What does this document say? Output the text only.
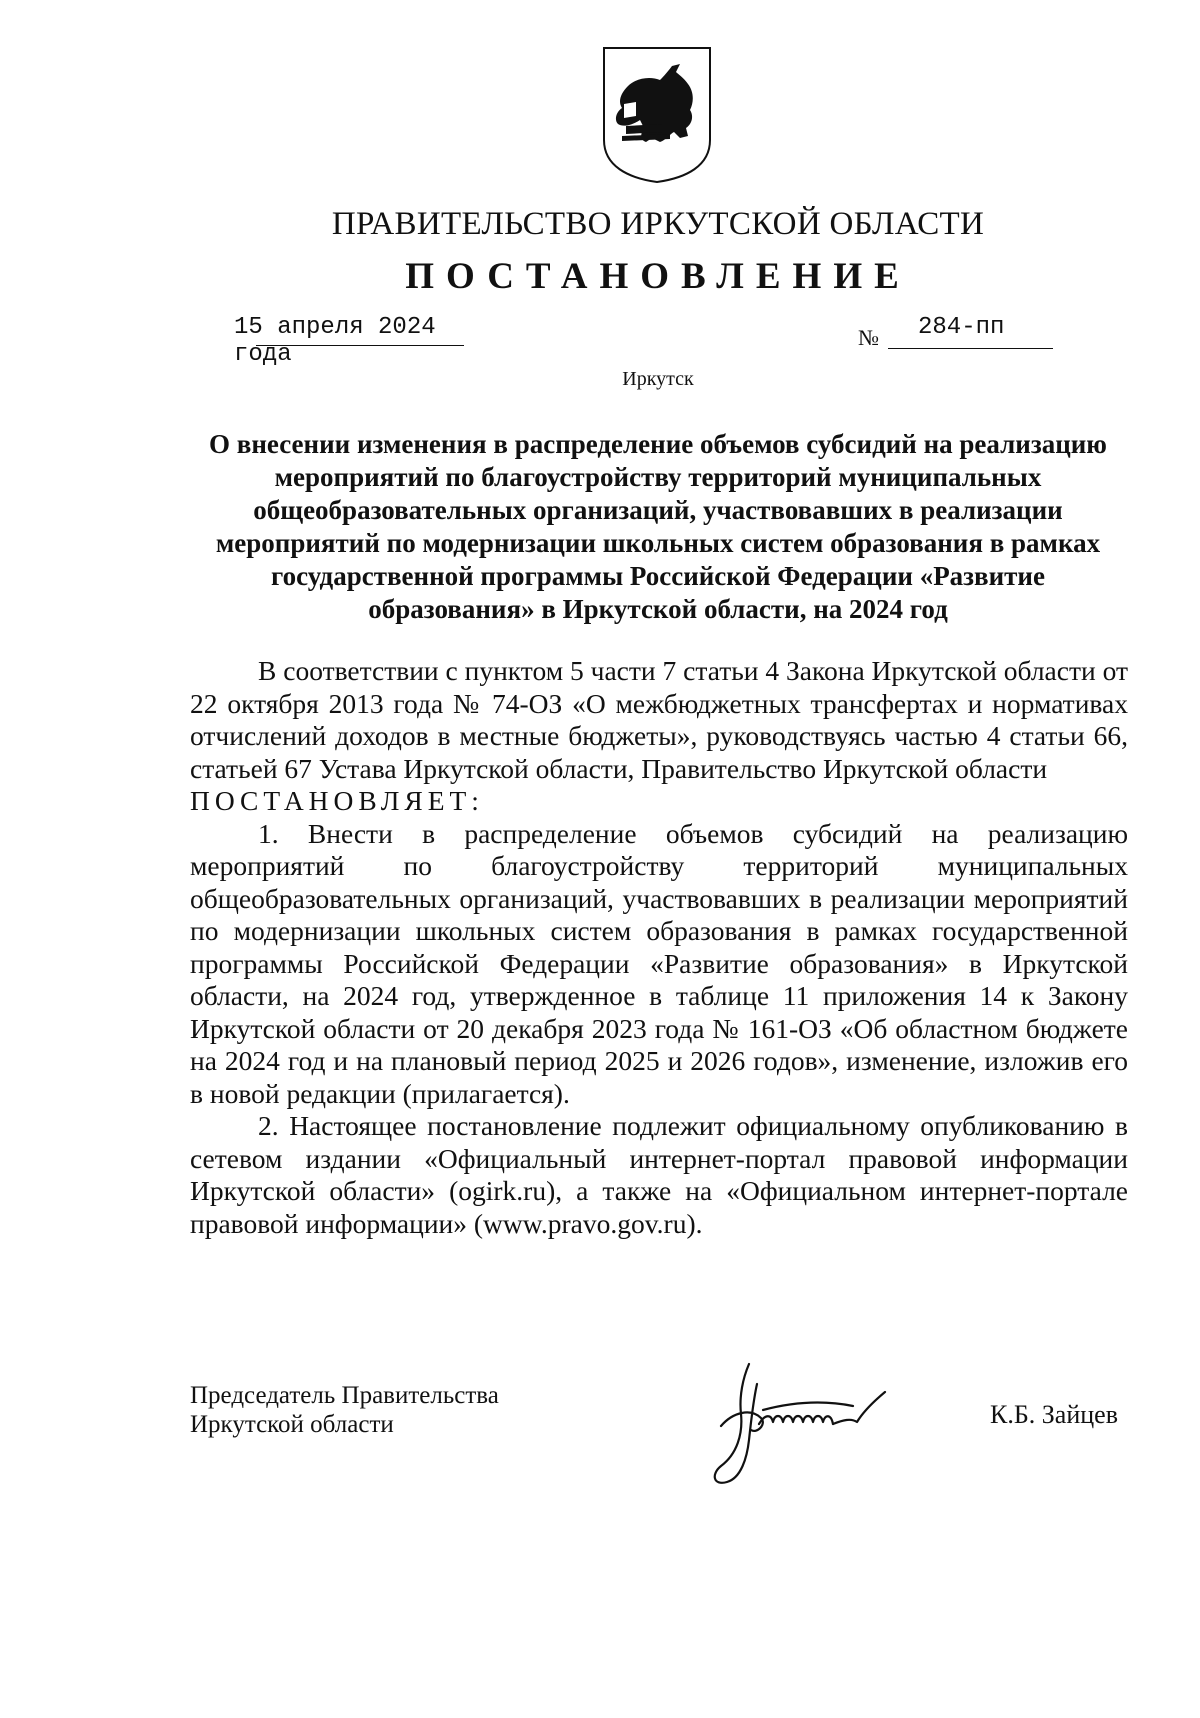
ПРАВИТЕЛЬСТВО ИРКУТСКОЙ ОБЛАСТИ
ПОСТАНОВЛЕНИЕ
15 апреля 2024 года
№ 284-пп
Иркутск
О внесении изменения в распределение объемов субсидий на реализацию мероприятий по благоустройству территорий муниципальных общеобразовательных организаций, участвовавших в реализации мероприятий по модернизации школьных систем образования в рамках государственной программы Российской Федерации «Развитие образования» в Иркутской области, на 2024 год

В соответствии с пунктом 5 части 7 статьи 4 Закона Иркутской области от 22 октября 2013 года № 74-ОЗ «О межбюджетных трансфертах и нормативах отчислений доходов в местные бюджеты», руководствуясь частью 4 статьи 66, статьей 67 Устава Иркутской области, Правительство Иркутской области

ПОСТАНОВЛЯЕТ:

1. Внести в распределение объемов субсидий на реализацию мероприятий по благоустройству территорий муниципальных общеобразовательных организаций, участвовавших в реализации мероприятий по модернизации школьных систем образования в рамках государственной программы Российской Федерации «Развитие образования» в Иркутской области, на 2024 год, утвержденное в таблице 11 приложения 14 к Закону Иркутской области от 20 декабря 2023 года № 161-ОЗ «Об областном бюджете на 2024 год и на плановый период 2025 и 2026 годов», изменение, изложив его в новой редакции (прилагается).

2. Настоящее постановление подлежит официальному опубликованию в сетевом издании «Официальный интернет-портал правовой информации Иркутской области» (ogirk.ru), а также на «Официальном интернет-портале правовой информации» (www.pravo.gov.ru).

Председатель Правительства
Иркутской области	К.Б. Зайцев
